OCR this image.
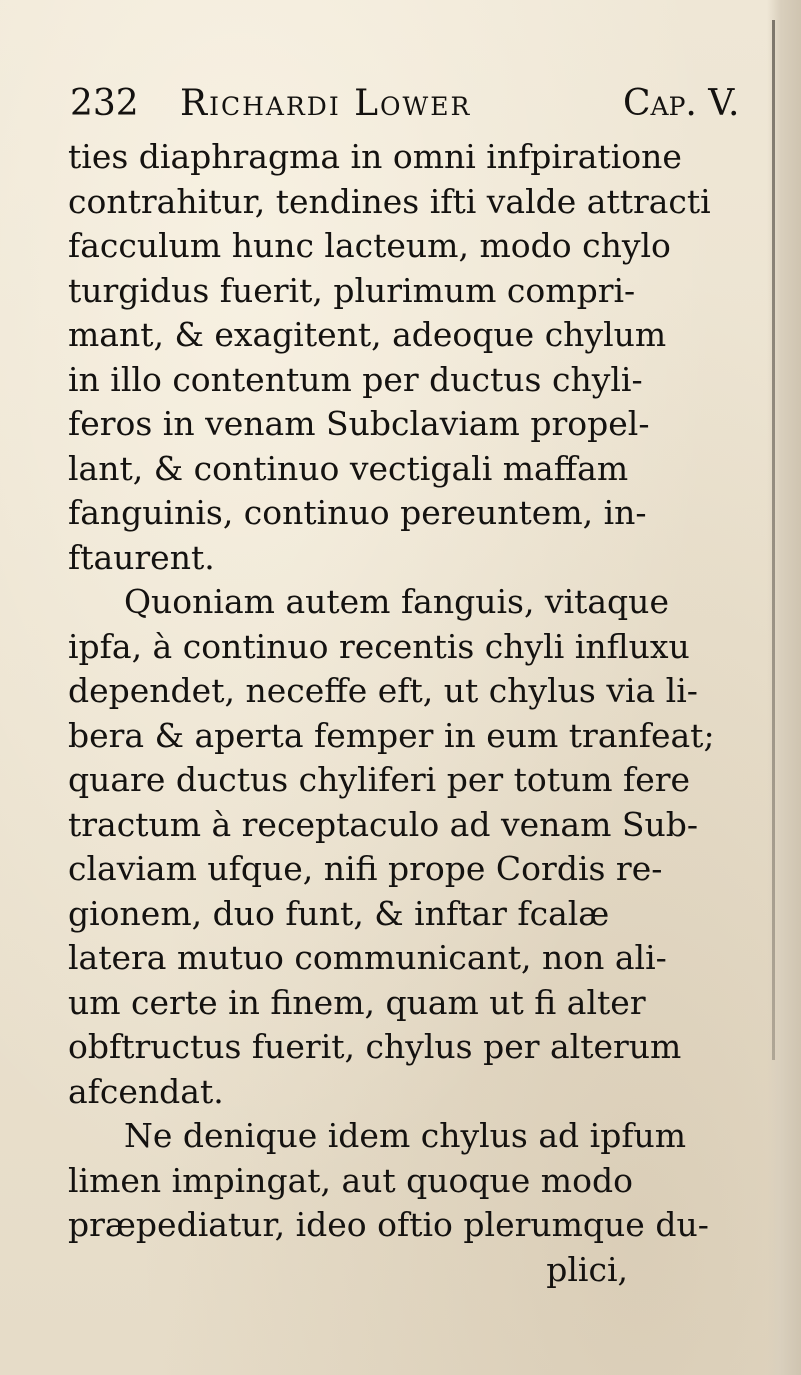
232 Richardi Lower	Cap. V.
ties diaphragma in omni infpiratione
contrahitur, tendines ifti valde attracti
facculum hunc lacteum, modo chylo
turgidus fuerit, plurimum compri-
mant, & exagitent, adeoque chylum
in illo contentum per ductus chyli-
feros in venam Subclaviam propel-
lant, & continuo vectigali maffam
fanguinis, continuo pereuntem, in-
ftaurent.
Quoniam autem fanguis, vitaque
ipfa, à continuo recentis chyli influxu
dependet, neceffe eft, ut chylus via li-
bera & aperta femper in eum tranfeat;
quare ductus chyliferi per totum fere
tractum à receptaculo ad venam Sub-
claviam ufque, nifi prope Cordis re-
gionem, duo funt, & inftar fcalæ
latera mutuo communicant, non ali-
um certe in finem, quam ut fi alter
obftructus fuerit, chylus per alterum
afcendat.
Ne denique idem chylus ad ipfum
limen impingat, aut quoque modo
præpediatur, ideo oftio plerumque du-
plici,
